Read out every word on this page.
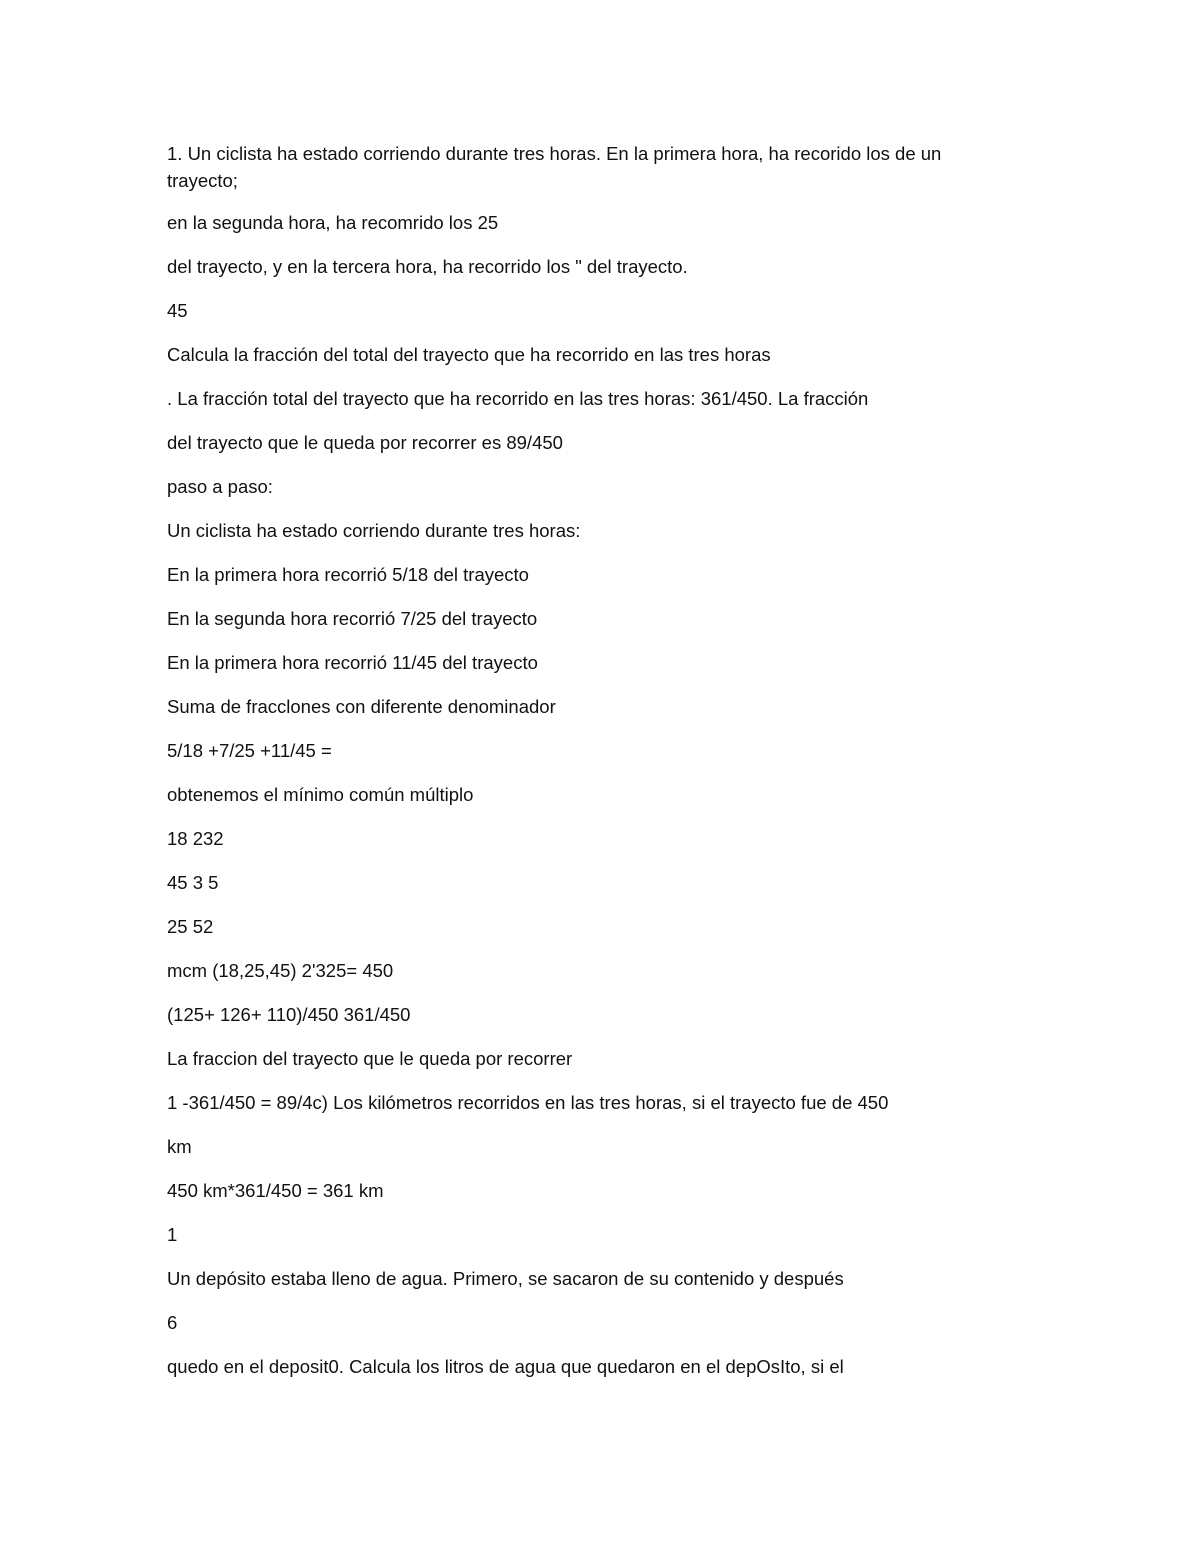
1. Un ciclista ha estado corriendo durante tres horas. En la primera hora, ha recorido los de un trayecto;

en la segunda hora, ha recomrido los 25

del trayecto, y en la tercera hora, ha recorrido los " del trayecto.

45

Calcula la fracción del total del trayecto que ha recorrido en las tres horas

. La fracción total del trayecto que ha recorrido en las tres horas: 361/450. La fracción

del trayecto que le queda por recorrer es 89/450

paso a paso:

Un ciclista ha estado corriendo durante tres horas:

En la primera hora recorrió 5/18 del trayecto

En la segunda hora recorrió 7/25 del trayecto

En la primera hora recorrió 11/45 del trayecto

Suma de fracclones con diferente denominador

5/18 +7/25 +11/45 =

obtenemos el mínimo común múltiplo

18 232

45 3 5

25 52

mcm (18,25,45) 2'325= 450

(125+ 126+ 110)/450 361/450

La fraccion del trayecto que le queda por recorrer

1 -361/450 = 89/4c) Los kilómetros recorridos en las tres horas, si el trayecto fue de 450

km

450 km*361/450 = 361 km

1

Un depósito estaba lleno de agua. Primero, se sacaron de su contenido y después

6

quedo en el deposit0. Calcula los litros de agua que quedaron en el depOsIto, si el
